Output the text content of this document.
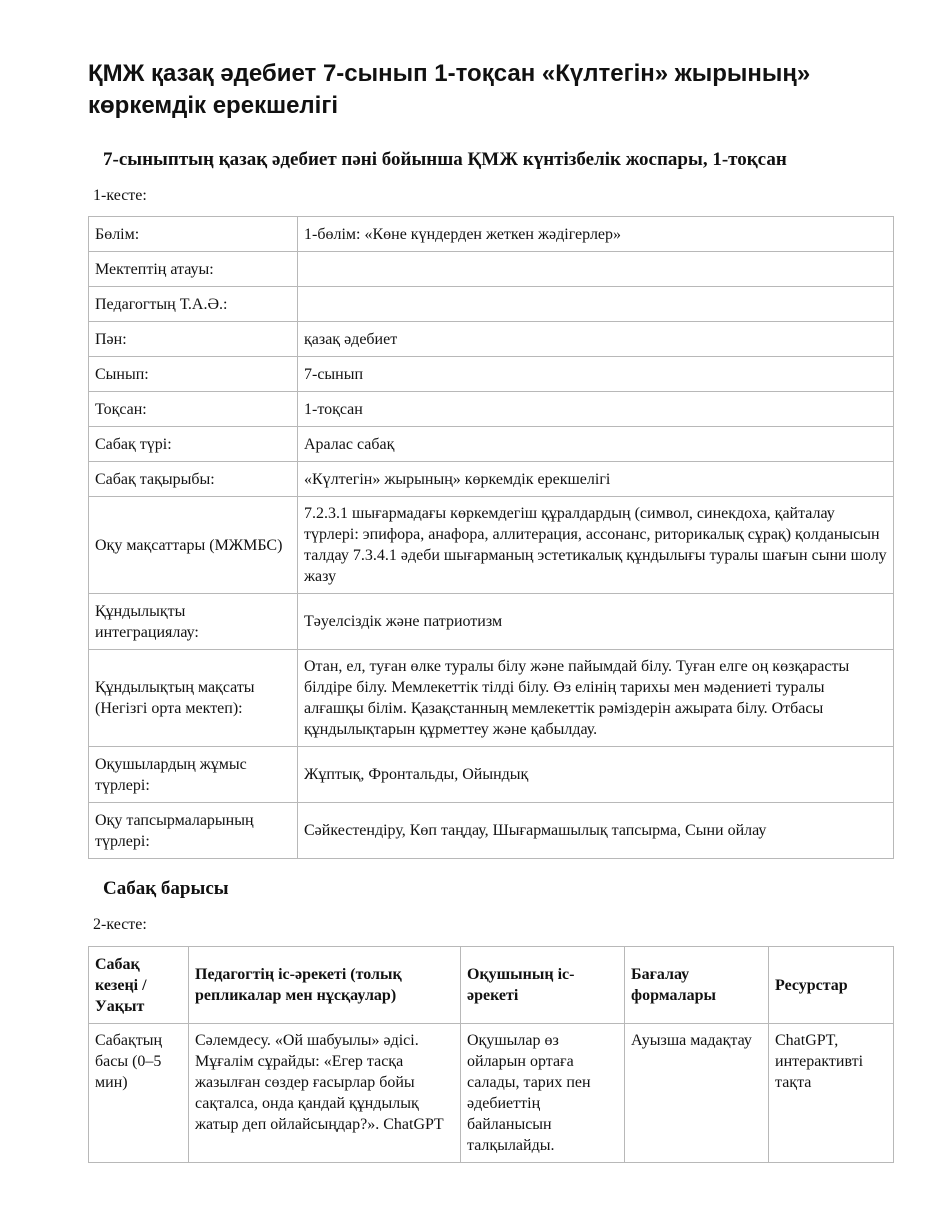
ҚМЖ қазақ әдебиет 7-сынып 1-тоқсан «Күлтегін» жырының» көркемдік ерекшелігі
7-сыныптың қазақ әдебиет пәні бойынша ҚМЖ күнтізбелік жоспары, 1-тоқсан

1-кесте:

Бөлім:	1-бөлім: «Көне күндерден жеткен жәдігерлер»
Мектептің атауы:	
Педагогтың Т.А.Ә.:	
Пән:	қазақ әдебиет
Сынып:	7-сынып
Тоқсан:	1-тоқсан
Сабақ түрі:	Аралас сабақ
Сабақ тақырыбы:	«Күлтегін» жырының» көркемдік ерекшелігі
Оқу мақсаттары (МЖМБС)	7.2.3.1 шығармадағы көркемдегіш құралдардың (символ, синекдоха, қайталау түрлері: эпифора, анафора, аллитерация, ассонанс, риторикалық сұрақ) қолданысын талдау 7.3.4.1 әдеби шығарманың эстетикалық құндылығы туралы шағын сыни шолу жазу
Құндылықты интеграциялау:	Тәуелсіздік және патриотизм
Құндылықтың мақсаты (Негізгі орта мектеп):	Отан, ел, туған өлке туралы білу және пайымдай білу. Туған елге оң көзқарасты білдіре білу. Мемлекеттік тілді білу. Өз елінің тарихы мен мәдениеті туралы алғашқы білім. Қазақстанның мемлекеттік рәміздерін ажырата білу. Отбасы құндылықтарын құрметтеу және қабылдау.
Оқушылардың жұмыс түрлері:	Жұптық, Фронтальды, Ойындық
Оқу тапсырмаларының түрлері:	Сәйкестендіру, Көп таңдау, Шығармашылық тапсырма, Сыни ойлау
Сабақ барысы

2-кесте:

Сабақ кезеңі / Уақыт	Педагогтің іс-әрекеті (толық репликалар мен нұсқаулар)	Оқушының іс-әрекеті	Бағалау формалары	Ресурстар
Сабақтың басы (0–5 мин)	Сәлемдесу. «Ой шабуылы» әдісі. Мұғалім сұрайды: «Егер тасқа жазылған сөздер ғасырлар бойы сақталса, онда қандай құндылық жатыр деп ойлайсыңдар?». ChatGPT	Оқушылар өз ойларын ортаға салады, тарих пен әдебиеттің байланысын талқылайды.	Ауызша мадақтау	ChatGPT, интерактивті тақта
